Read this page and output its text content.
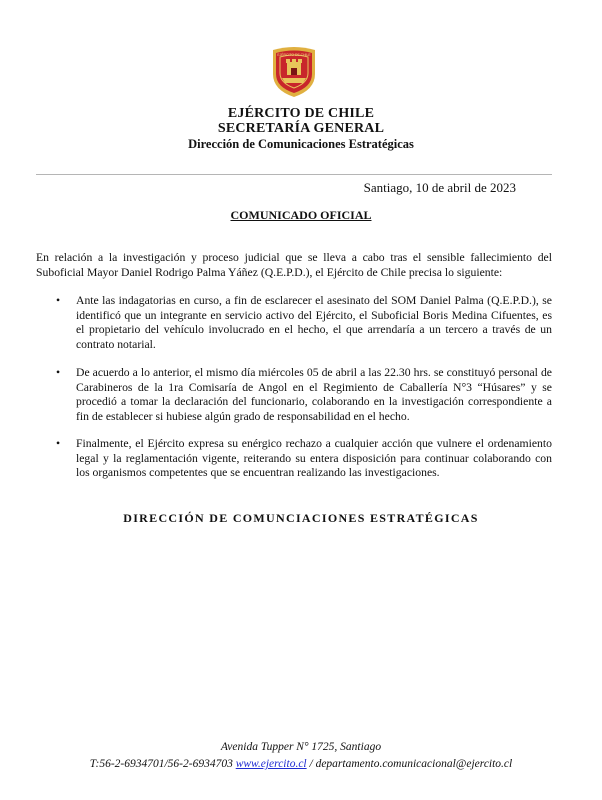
EJÉRCITO DE CHILE
EJÉRCITO DE CHILE
SECRETARÍA GENERAL
Dirección de Comunicaciones Estratégicas
Santiago, 10 de abril de 2023
COMUNICADO OFICIAL
En relación a la investigación y proceso judicial que se lleva a cabo tras el sensible fallecimiento del Suboficial Mayor Daniel Rodrigo Palma Yáñez (Q.E.P.D.), el Ejército de Chile precisa lo siguiente:
• Ante las indagatorias en curso, a fin de esclarecer el asesinato del SOM Daniel Palma (Q.E.P.D.), se identificó que un integrante en servicio activo del Ejército, el Suboficial Boris Medina Cifuentes, es el propietario del vehículo involucrado en el hecho, el que arrendaría a un tercero a través de un contrato notarial.
• De acuerdo a lo anterior, el mismo día miércoles 05 de abril a las 22.30 hrs. se constituyó personal de Carabineros de la 1ra Comisaría de Angol en el Regimiento de Caballería N°3 “Húsares” y se procedió a tomar la declaración del funcionario, colaborando en la investigación correspondiente a fin de establecer si hubiese algún grado de responsabilidad en el hecho.
• Finalmente, el Ejército expresa su enérgico rechazo a cualquier acción que vulnere el ordenamiento legal y la reglamentación vigente, reiterando su entera disposición para continuar colaborando con los organismos competentes que se encuentran realizando las investigaciones.
DIRECCIÓN DE COMUNCIACIONES ESTRATÉGICAS
Avenida Tupper N° 1725, Santiago
T:56-2-6934701/56-2-6934703 www.ejercito.cl / departamento.comunicacional@ejercito.cl
